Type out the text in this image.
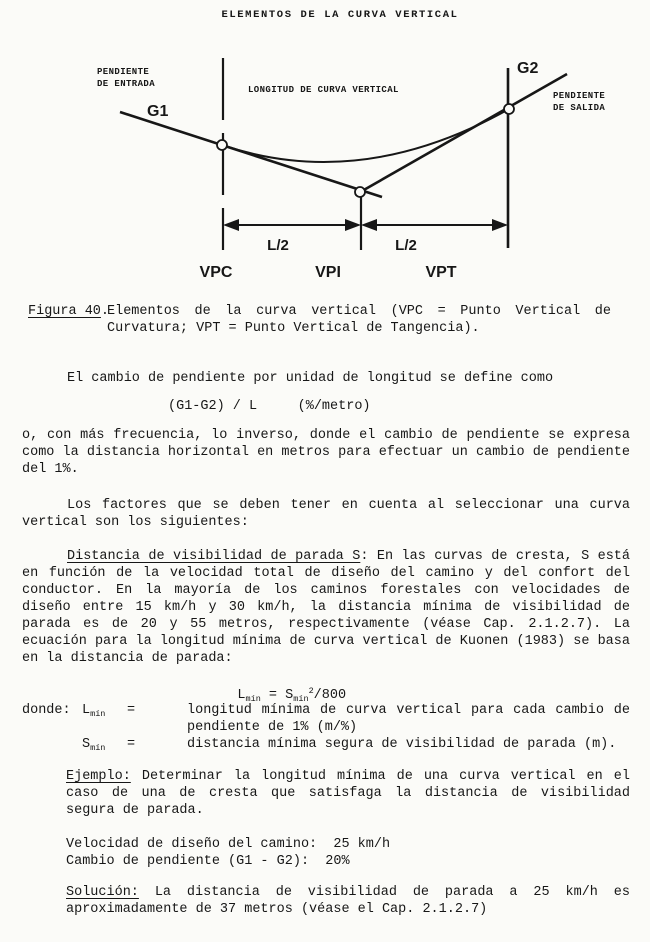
ELEMENTOS DE LA CURVA VERTICAL
PENDIENTE
DE ENTRADA
LONGITUD DE CURVA VERTICAL
PENDIENTE
DE SALIDA
G1
G2
L/2	L/2
VPC	VPI	VPT
Figura 40.
Elementos de la curva vertical (VPC = Punto Vertical de Curvatura; VPT = Punto Vertical de Tangencia).
El cambio de pendiente por unidad de longitud se define como
(G1-G2) / L     (%/metro)
o, con más frecuencia, lo inverso, donde el cambio de pendiente se expresa como la distancia horizontal en metros para efectuar un cambio de pendiente del 1%.
Los factores que se deben tener en cuenta al seleccionar una curva vertical son los siguientes:
Distancia de visibilidad de parada S: En las curvas de cresta, S está en función de la velocidad total de diseño del camino y del confort del conductor. En la mayoría de los caminos forestales con velocidades de diseño entre 15 km/h y 30 km/h, la distancia mínima de visibilidad de parada es de 20 y 55 metros, respectivamente (véase Cap. 2.1.2.7). La ecuación para la longitud mínima de curva vertical de Kuonen (1983) se basa en la distancia de parada:

$L_{mín} = S_{mín}^2/800$

donde: $L_{mín}$	=	longitud mínima de curva vertical para cada cambio de pendiente de 1% (m/%)
$S_{mín}$	=	distancia mínima segura de visibilidad de parada (m).
Ejemplo: Determinar la longitud mínima de una curva vertical en el caso de una de cresta que satisfaga la distancia de visibilidad segura de parada.
Velocidad de diseño del camino:  25 km/h
Cambio de pendiente (G1 - G2):  20%
Solución: La distancia de visibilidad de parada a 25 km/h es aproximadamente de 37 metros (véase el Cap. 2.1.2.7)
